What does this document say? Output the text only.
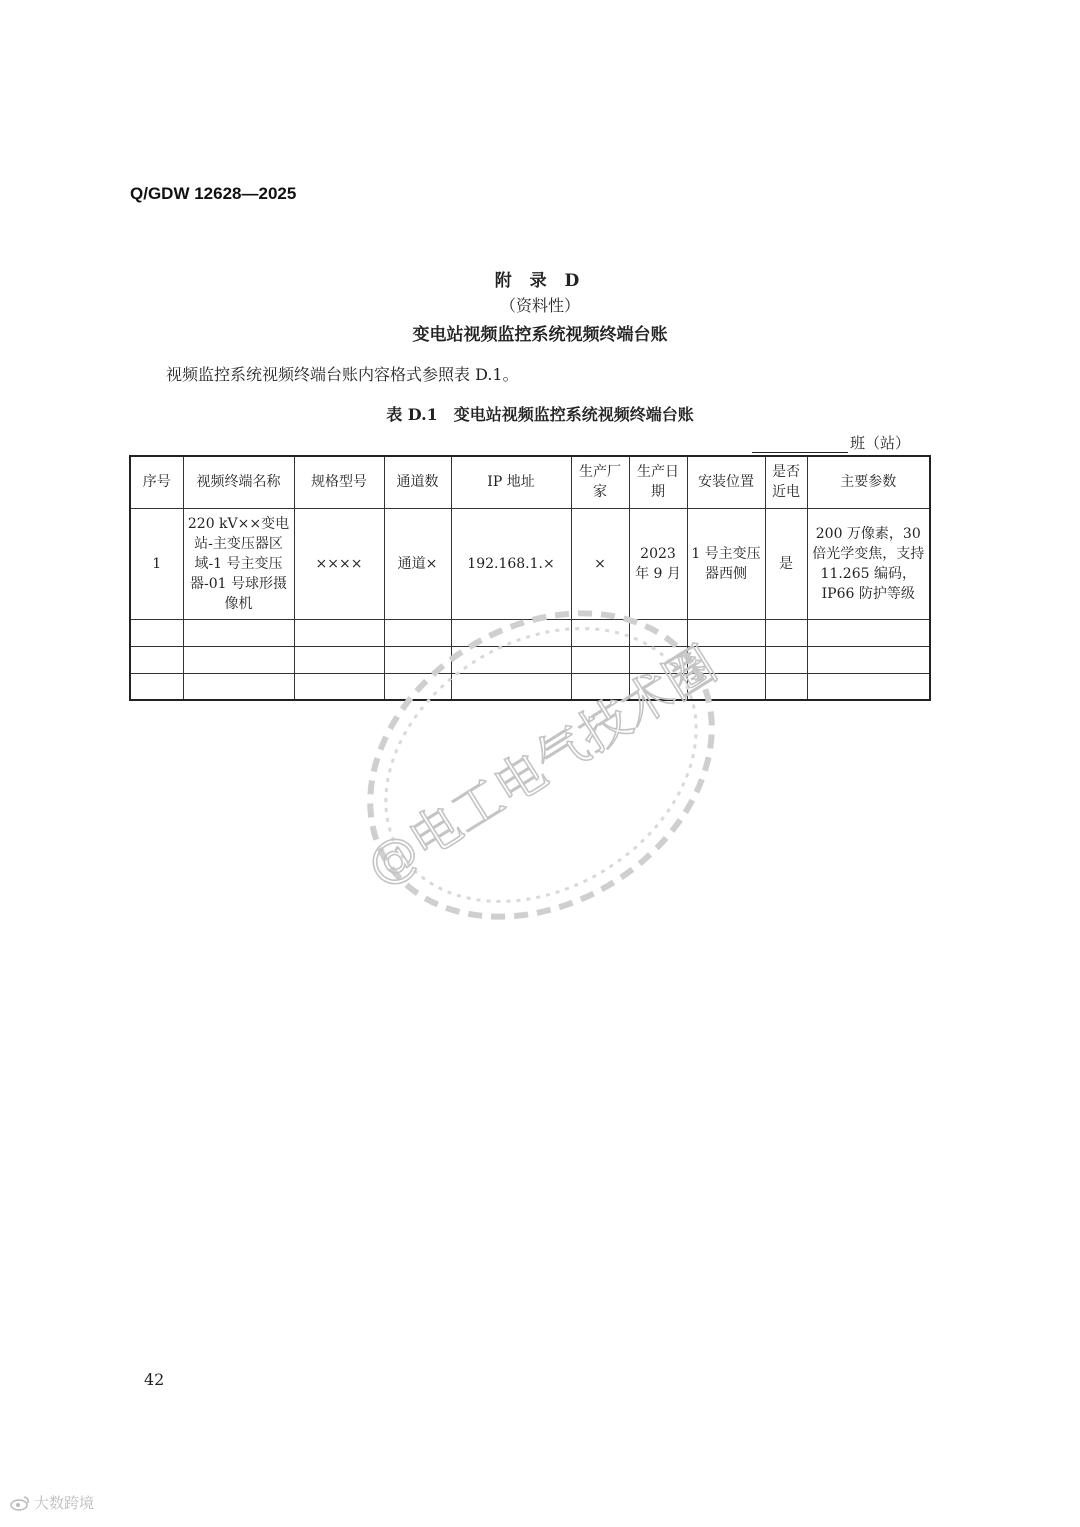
Q/GDW 12628—2025
附 录 D
（资料性）
变电站视频监控系统视频终端台账
视频监控系统视频终端台账内容格式参照表 D.1。
表 D.1　变电站视频监控系统视频终端台账
班（站）
序号	视频终端名称	规格型号	通道数	IP 地址	生产厂家	生产日期	安装位置	是否近电	主要参数
1	220 kV××变电站-主变压器区域-1 号主变压器-01 号球形摄像机	××××	通道×	192.168.1.×	×	2023 年 9 月	1 号主变压器西侧	是	200 万像素，30 倍光学变焦，支持 11.265 编码，IP66 防护等级

@电工电气技术圈
42
大数跨境
